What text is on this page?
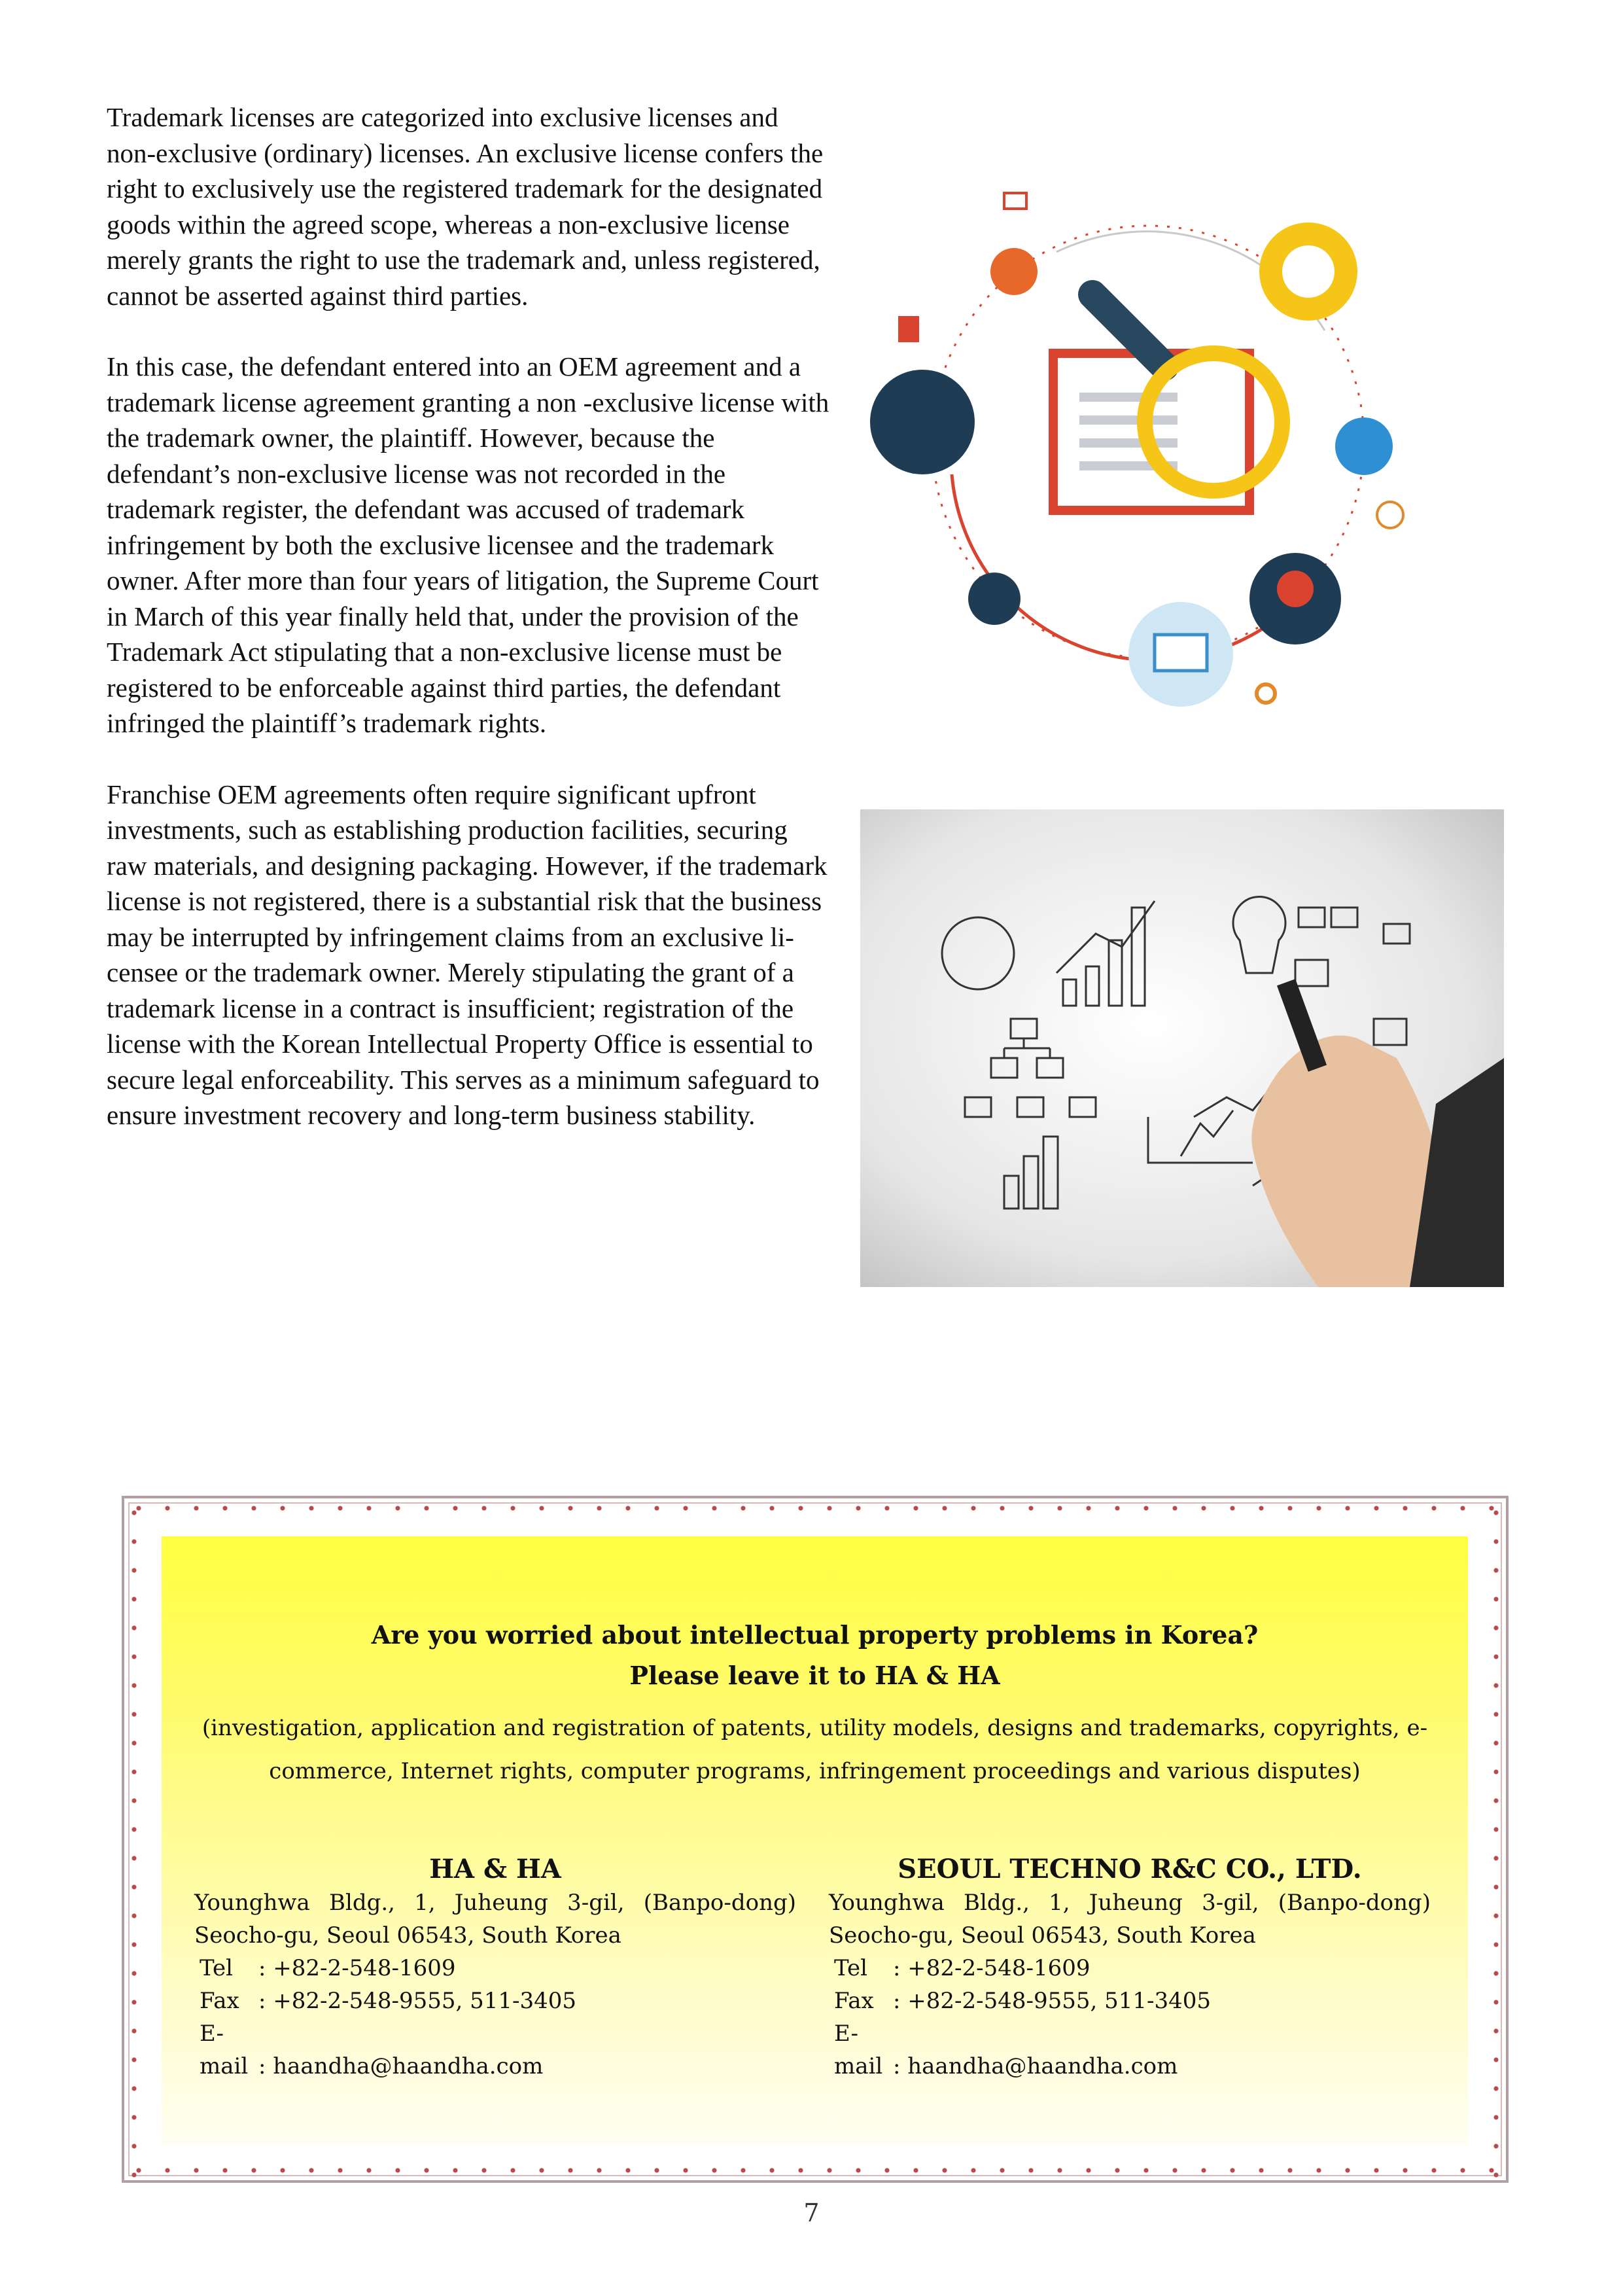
Trademark licenses are categorized into exclusive licenses and non-exclusive (ordinary) licenses. An exclusive license confers the right to exclusively use the registered trademark for the designated goods within the agreed scope, whereas a non-exclusive license merely grants the right to use the trademark and, unless registered, cannot be asserted against third parties.

In this case, the defendant entered into an OEM agreement and a trademark license agreement granting a non -exclusive license with the trademark owner, the plaintiff. However, because the defendant’s non-exclusive license was not recorded in the trademark register, the defendant was accused of trademark infringement by both the exclusive licensee and the trademark owner. After more than four years of litigation, the Supreme Court in March of this year finally held that, under the provision of the Trademark Act stipulating that a non-exclusive license must be registered to be enforceable against third parties, the defendant infringed the plaintiff’s trademark rights.

Franchise OEM agreements often require significant upfront investments, such as establishing production facilities, securing raw materials, and designing packaging. However, if the trademark license is not registered, there is a substantial risk that the business may be interrupted by infringement claims from an exclusive licensee or the trademark owner. Merely stipulating the grant of a trademark license in a contract is insufficient; registration of the license with the Korean Intellectual Property Office is essential to secure legal enforceability. This serves as a minimum safeguard to ensure investment recovery and long-term business stability.

Are you worried about intellectual property problems in Korea?
Please leave it to HA & HA
(investigation, application and registration of patents, utility models, designs and trademarks, copyrights, e-commerce, Internet rights, computer programs, infringement proceedings and various disputes)
HA & HA
Younghwa Bldg., 1, Juheung 3-gil, (Banpo-dong)
Seocho-gu, Seoul 06543, South Korea
Tel : +82-2-548-1609
Fax : +82-2-548-9555, 511-3405
E-mail : haandha@haandha.com
SEOUL TECHNO R&C CO., LTD.
Younghwa Bldg., 1, Juheung 3-gil, (Banpo-dong)
Seocho-gu, Seoul 06543, South Korea
Tel : +82-2-548-1609
Fax : +82-2-548-9555, 511-3405
E-mail : haandha@haandha.com
7
